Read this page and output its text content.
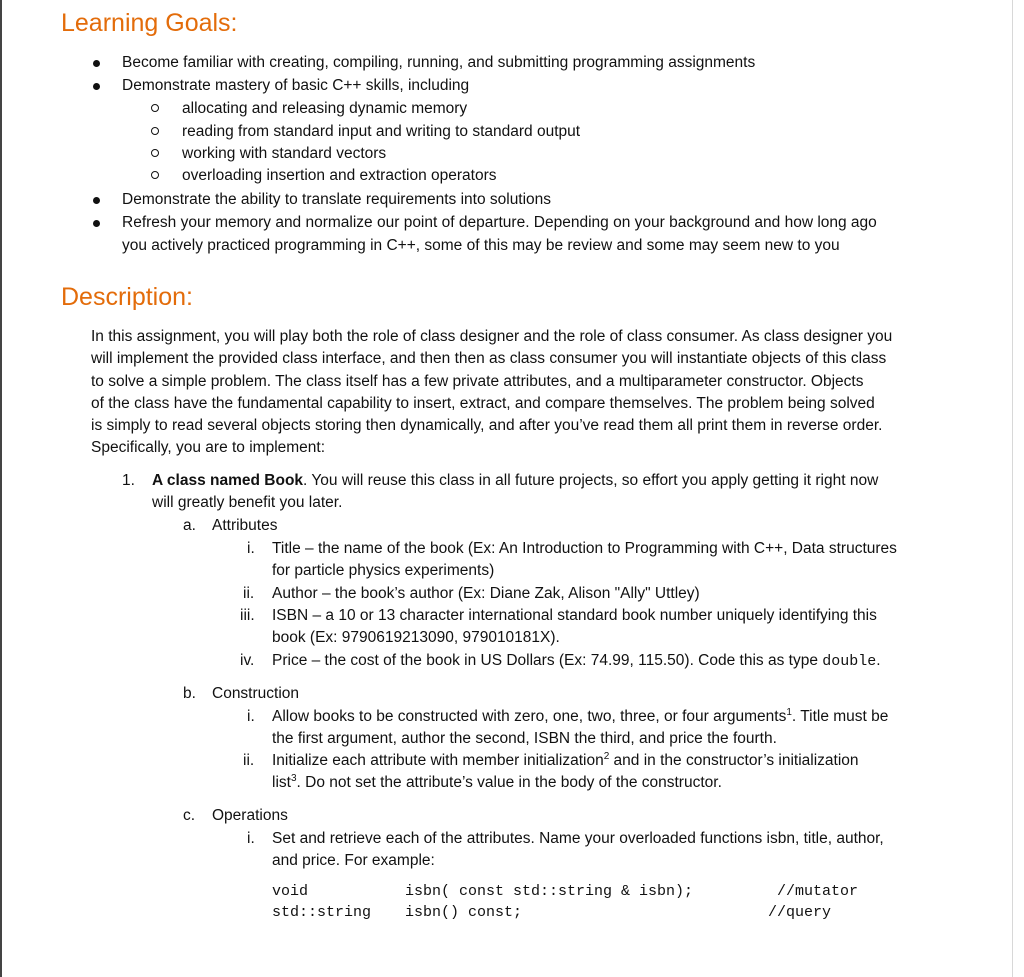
Learning Goals:
Become familiar with creating, compiling, running, and submitting programming assignments
Demonstrate mastery of basic C++ skills, including
allocating and releasing dynamic memory
reading from standard input and writing to standard output
working with standard vectors
overloading insertion and extraction operators
Demonstrate the ability to translate requirements into solutions
Refresh your memory and normalize our point of departure. Depending on your background and how long ago
you actively practiced programming in C++, some of this may be review and some may seem new to you
Description:
In this assignment, you will play both the role of class designer and the role of class consumer. As class designer you
will implement the provided class interface, and then then as class consumer you will instantiate objects of this class
to solve a simple problem. The class itself has a few private attributes, and a multiparameter constructor. Objects
of the class have the fundamental capability to insert, extract, and compare themselves. The problem being solved
is simply to read several objects storing then dynamically, and after you’ve read them all print them in reverse order.
Specifically, you are to implement:
1. A class named Book. You will reuse this class in all future projects, so effort you apply getting it right now
will greatly benefit you later.
a. Attributes
i. Title – the name of the book (Ex: An Introduction to Programming with C++, Data structures
for particle physics experiments)
ii. Author – the book’s author (Ex: Diane Zak, Alison "Ally" Uttley)
iii. ISBN – a 10 or 13 character international standard book number uniquely identifying this
book (Ex: 9790619213090, 979010181X).
iv. Price – the cost of the book in US Dollars (Ex: 74.99, 115.50). Code this as type double.
b. Construction
i. Allow books to be constructed with zero, one, two, three, or four arguments$^1$. Title must be
the first argument, author the second, ISBN the third, and price the fourth.
ii. Initialize each attribute with member initialization$^2$ and in the constructor’s initialization
list$^3$. Do not set the attribute’s value in the body of the constructor.
c. Operations
i. Set and retrieve each of the attributes. Name your overloaded functions isbn, title, author,
and price. For example:
void	isbn( const std::string & isbn);	//mutator
std::string isbn() const;	//query
